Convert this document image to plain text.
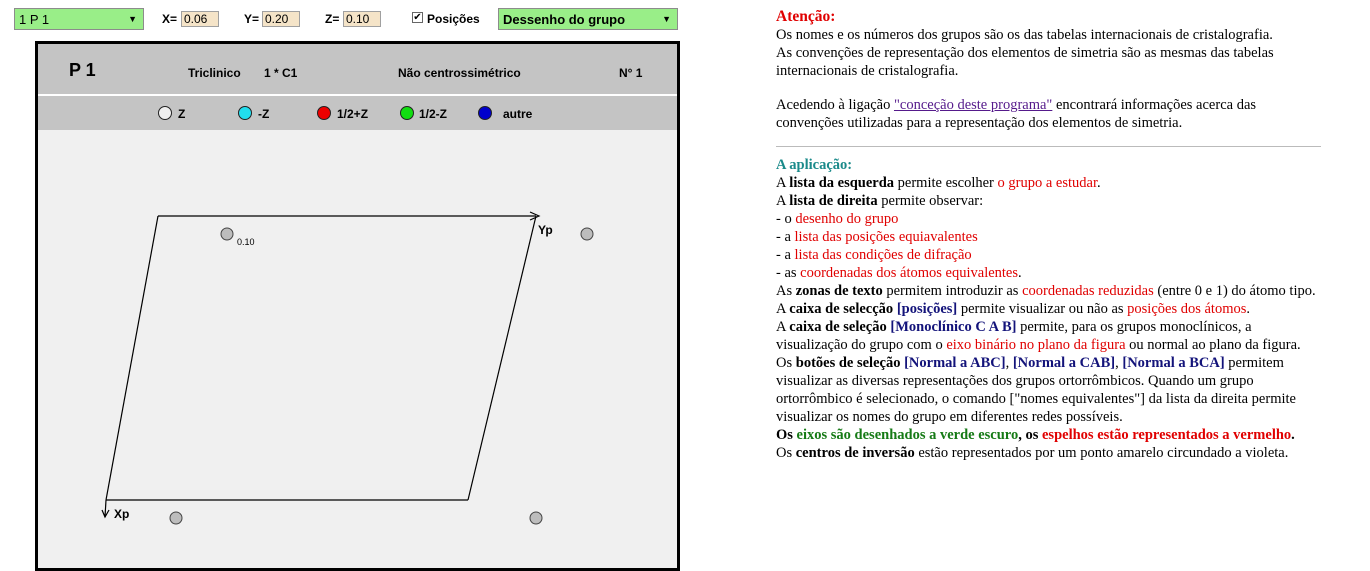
1 P 1	▼ X=
0.06	Y=
0.20	Z=
0.10	✔ Posições Dessenho do grupo	▼
P 1	Triclinico 1 * C1	Não centrossimétrico	N° 1
Z	-Z	1/2+Z	1/2-Z	autre
Yp
Xp
0.10

Atenção:

Os nomes e os números dos grupos são os das tabelas internacionais de cristalografia.

As convenções de representação dos elementos de simetria são as mesmas das tabelas internacionais de cristalografia.

Acedendo à ligação "conceção deste programa" encontrará informações acerca das convenções utilizadas para a representação dos elementos de simetria.

A aplicação:

A lista da esquerda permite escolher o grupo a estudar.

A lista de direita permite observar:

- o desenho do grupo

- a lista das posições equiavalentes

- a lista das condições de difração

- as coordenadas dos átomos equivalentes.

As zonas de texto permitem introduzir as coordenadas reduzidas (entre 0 e 1) do átomo tipo.

A caixa de selecção [posições] permite visualizar ou não as posições dos átomos.

A caixa de seleção [Monoclínico C A B] permite, para os grupos monoclínicos, a visualização do grupo com o eixo binário no plano da figura ou normal ao plano da figura.

Os botões de seleção [Normal a ABC], [Normal a CAB], [Normal a BCA] permitem visualizar as diversas representações dos grupos ortorrômbicos. Quando um grupo ortorrômbico é selecionado, o comando ["nomes equivalentes"] da lista da direita permite visualizar os nomes do grupo em diferentes redes possíveis.

Os eixos são desenhados a verde escuro, os espelhos estão representados a vermelho.

Os centros de inversão estão representados por um ponto amarelo circundado a violeta.
